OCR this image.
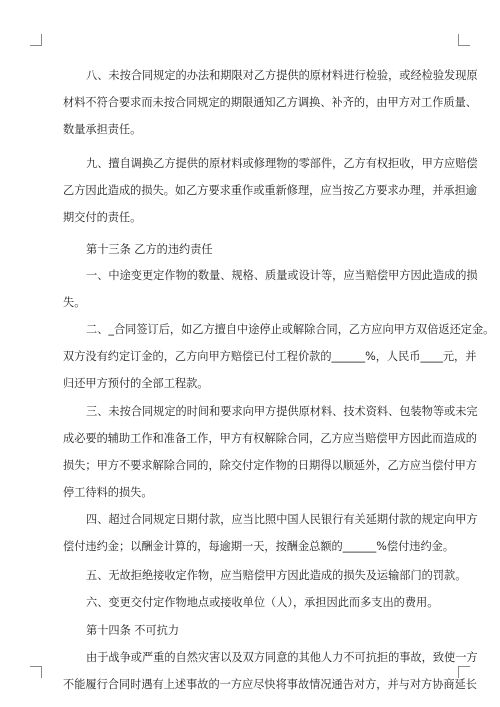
八、未按合同规定的办法和期限对乙方提供的原材料进行检验，或经检验发现原
材料不符合要求而未按合同规定的期限通知乙方调换、补齐的，由甲方对工作质量、
数量承担责任。
九、擅自调换乙方提供的原材料或修理物的零部件，乙方有权拒收，甲方应赔偿
乙方因此造成的损失。如乙方要求重作或重新修理，应当按乙方要求办理，并承担逾
期交付的责任。
第十三条 乙方的违约责任
一、中途变更定作物的数量、规格、质量或设计等，应当赔偿甲方因此造成的损
失。
二、_合同签订后，如乙方擅自中途停止或解除合同，乙方应向甲方双倍返还定金。
双方没有约定订金的，乙方向甲方赔偿已付工程价款的______%，人民币____元，并
归还甲方预付的全部工程款。
三、未按合同规定的时间和要求向甲方提供原材料、技术资料、包装物等或未完
成必要的辅助工作和准备工作，甲方有权解除合同，乙方应当赔偿甲方因此而造成的
损失；甲方不要求解除合同的，除交付定作物的日期得以顺延外，乙方应当偿付甲方
停工待料的损失。
四、超过合同规定日期付款，应当比照中国人民银行有关延期付款的规定向甲方
偿付违约金；以酬金计算的，每逾期一天，按酬金总额的______%偿付违约金。
五、无故拒绝接收定作物，应当赔偿甲方因此造成的损失及运输部门的罚款。
六、变更交付定作物地点或接收单位（人），承担因此而多支出的费用。
第十四条 不可抗力
由于战争或严重的自然灾害以及双方同意的其他人力不可抗拒的事故，致使一方
不能履行合同时遇有上述事故的一方应尽快将事故情况通告对方，并与对方协商延长
